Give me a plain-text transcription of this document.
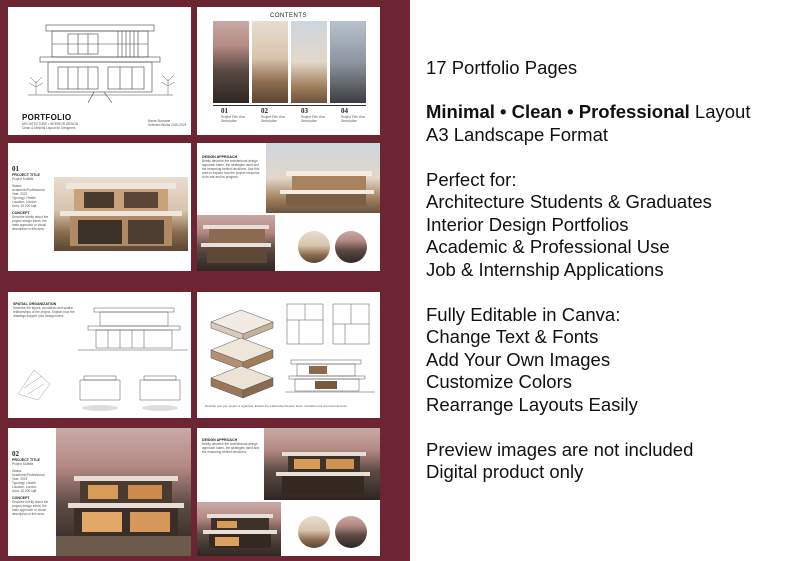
PORTFOLIO
ARCHITECTURE • INTERIOR DESIGN
Clean & Minimal Layout for Designers
Name Surname
Selected Works 2020-2024
CONTENTS
01
Project Title Year Description
02
Project Title Year Description
03
Project Title Year Description
04
Project Title Year Description
01
PROJECT TITLE
Project Subtitle
Status: Academic/Professional
Year: 2023
Typology: Health
Location: London
Area: 15,000 sqft
CONCEPT
Describe briefly about the project design intent, the main approach or visual description in this area.
DESIGN APPROACH
Briefly describe the architectural design approach taken, the strategies used and the reasoning behind decisions. Use this area to explain how the project responds to its site and its program.
SPATIAL ORGANIZATION
Describe the layout, circulation and spatial relationships of the project. Explain how the drawings support your design intent.
Describe how your project is organized. Explain the relationship between floors, circulation and structural elements.
02
PROJECT TITLE
Project Subtitle
Status: Academic/Professional
Year: 2023
Typology: Health
Location: London
Area: 15,000 sqft
CONCEPT
Describe briefly about the project design intent, the main approach or visual description in this area.
DESIGN APPROACH
Briefly describe the architectural design approach taken, the strategies used and the reasoning behind decisions.
17 Portfolio Pages
Minimal • Clean • Professional Layout
A3 Landscape Format
Perfect for:
Architecture Students & Graduates
Interior Design Portfolios
Academic & Professional Use
Job & Internship Applications
Fully Editable in Canva:
Change Text & Fonts
Add Your Own Images
Customize Colors
Rearrange Layouts Easily
Preview images are not included
Digital product only
